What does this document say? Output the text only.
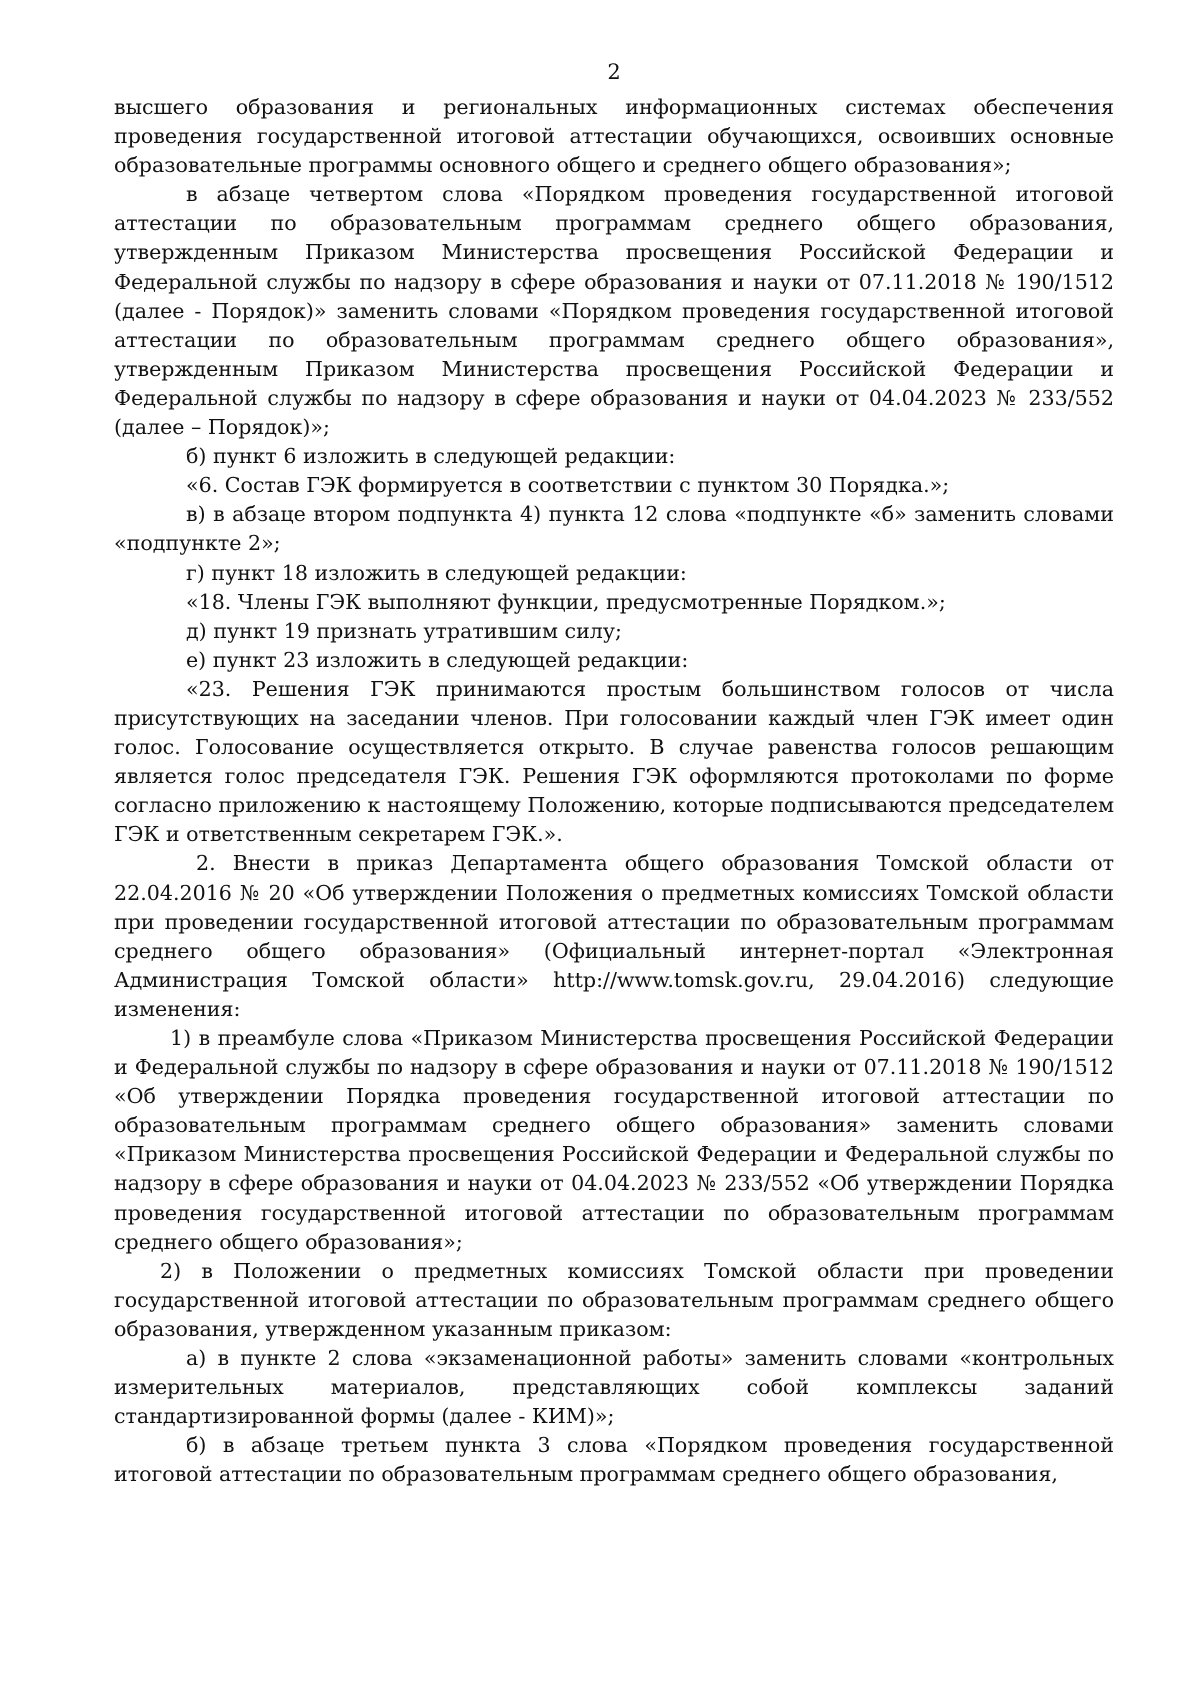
2

высшего образования и региональных информационных системах обеспечения проведения государственной итоговой аттестации обучающихся, освоивших основные образовательные программы основного общего и среднего общего образования»;

в абзаце четвертом слова «Порядком проведения государственной итоговой аттестации по образовательным программам среднего общего образования, утвержденным Приказом Министерства просвещения Российской Федерации и Федеральной службы по надзору в сфере образования и науки от 07.11.2018 № 190/1512 (далее - Порядок)» заменить словами «Порядком проведения государственной итоговой аттестации по образовательным программам среднего общего образования», утвержденным Приказом Министерства просвещения Российской Федерации и Федеральной службы по надзору в сфере образования и науки от 04.04.2023 № 233/552 (далее – Порядок)»;

б) пункт 6 изложить в следующей редакции:

«6. Состав ГЭК формируется в соответствии с пунктом 30 Порядка.»;

в) в абзаце втором подпункта 4) пункта 12 слова «подпункте «б» заменить словами «подпункте 2»;

г) пункт 18 изложить в следующей редакции:

«18. Члены ГЭК выполняют функции, предусмотренные Порядком.»;

д) пункт 19 признать утратившим силу;

е) пункт 23 изложить в следующей редакции:

«23. Решения ГЭК принимаются простым большинством голосов от числа присутствующих на заседании членов. При голосовании каждый член ГЭК имеет один голос. Голосование осуществляется открыто. В случае равенства голосов решающим является голос председателя ГЭК. Решения ГЭК оформляются протоколами по форме согласно приложению к настоящему Положению, которые подписываются председателем ГЭК и ответственным секретарем ГЭК.».

2. Внести в приказ Департамента общего образования Томской области от 22.04.2016 № 20 «Об утверждении Положения о предметных комиссиях Томской области при проведении государственной итоговой аттестации по образовательным программам среднего общего образования» (Официальный интернет-портал «Электронная Администрация Томской области» http://www.tomsk.gov.ru, 29.04.2016) следующие изменения:

1) в преамбуле слова «Приказом Министерства просвещения Российской Федерации и Федеральной службы по надзору в сфере образования и науки от 07.11.2018 № 190/1512 «Об утверждении Порядка проведения государственной итоговой аттестации по образовательным программам среднего общего образования» заменить словами «Приказом Министерства просвещения Российской Федерации и Федеральной службы по надзору в сфере образования и науки от 04.04.2023 № 233/552 «Об утверждении Порядка проведения государственной итоговой аттестации по образовательным программам среднего общего образования»;

2) в Положении о предметных комиссиях Томской области при проведении государственной итоговой аттестации по образовательным программам среднего общего образования, утвержденном указанным приказом:

а) в пункте 2 слова «экзаменационной работы» заменить словами «контрольных измерительных материалов, представляющих собой комплексы заданий стандартизированной формы (далее - КИМ)»;

б) в абзаце третьем пункта 3 слова «Порядком проведения государственной итоговой аттестации по образовательным программам среднего общего образования,
